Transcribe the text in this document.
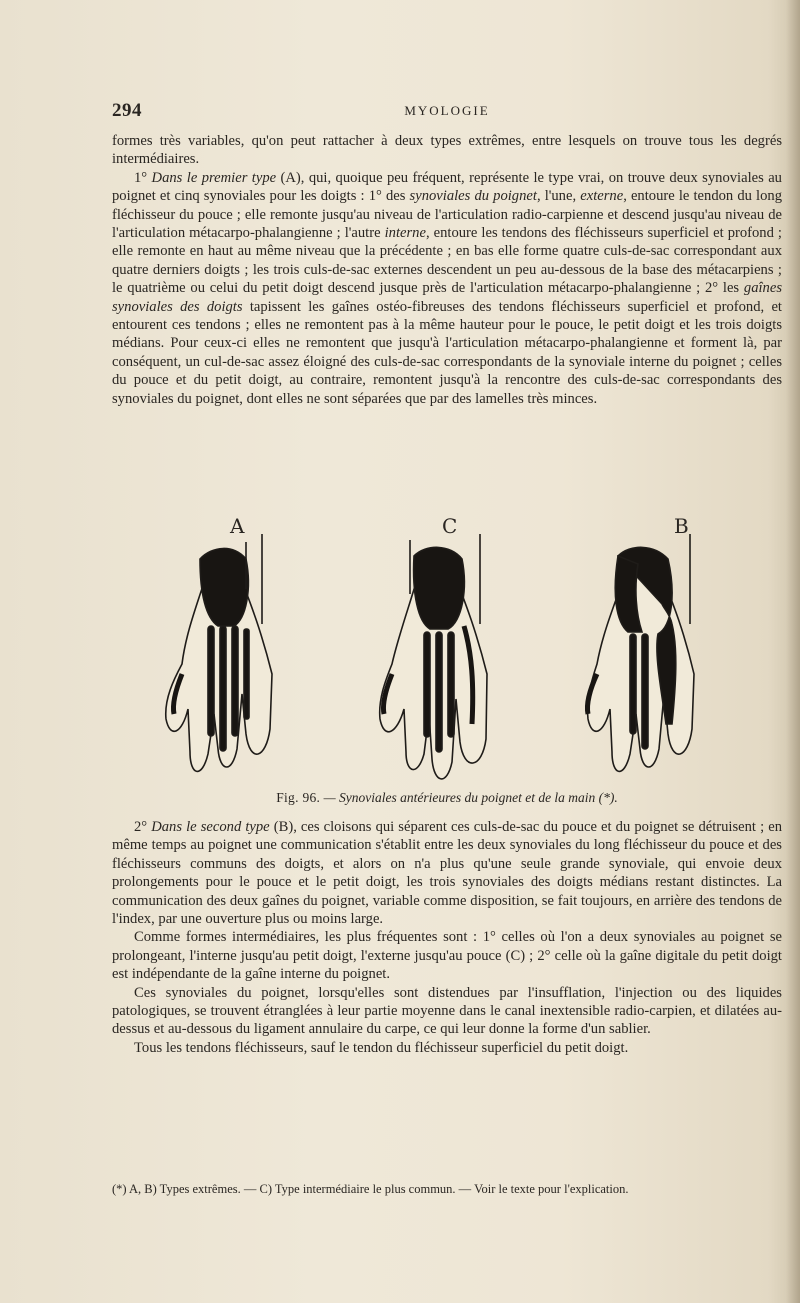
294	MYOLOGIE

formes très variables, qu'on peut rattacher à deux types extrêmes, entre lesquels on trouve tous les degrés intermédiaires.

1° Dans le premier type (A), qui, quoique peu fréquent, représente le type vrai, on trouve deux synoviales au poignet et cinq synoviales pour les doigts : 1° des synoviales du poignet, l'une, externe, entoure le tendon du long fléchisseur du pouce ; elle remonte jusqu'au niveau de l'articulation radio-carpienne et descend jusqu'au niveau de l'articulation métacarpo-phalangienne ; l'autre interne, entoure les tendons des fléchisseurs superficiel et profond ; elle remonte en haut au même niveau que la précédente ; en bas elle forme quatre culs-de-sac correspondant aux quatre derniers doigts ; les trois culs-de-sac externes descendent un peu au-dessous de la base des métacarpiens ; le quatrième ou celui du petit doigt descend jusque près de l'articulation métacarpo-phalangienne ; 2° les gaînes synoviales des doigts tapissent les gaînes ostéo-fibreuses des tendons fléchisseurs superficiel et profond, et entourent ces tendons ; elles ne remontent pas à la même hauteur pour le pouce, le petit doigt et les trois doigts médians. Pour ceux-ci elles ne remontent que jusqu'à l'articulation métacarpo-phalangienne et forment là, par conséquent, un cul-de-sac assez éloigné des culs-de-sac correspondants de la synoviale interne du poignet ; celles du pouce et du petit doigt, au contraire, remontent jusqu'à la rencontre des culs-de-sac correspondants des synoviales du poignet, dont elles ne sont séparées que par des lamelles très minces.

A	C	B
Fig. 96. — Synoviales antérieures du poignet et de la main (*).

2° Dans le second type (B), ces cloisons qui séparent ces culs-de-sac du pouce et du poignet se détruisent ; en même temps au poignet une communication s'établit entre les deux synoviales du long fléchisseur du pouce et des fléchisseurs communs des doigts, et alors on n'a plus qu'une seule grande synoviale, qui envoie deux prolongements pour le pouce et le petit doigt, les trois synoviales des doigts médians restant distinctes. La communication des deux gaînes du poignet, variable comme disposition, se fait toujours, en arrière des tendons de l'index, par une ouverture plus ou moins large.

Comme formes intermédiaires, les plus fréquentes sont : 1° celles où l'on a deux synoviales au poignet se prolongeant, l'interne jusqu'au petit doigt, l'externe jusqu'au pouce (C) ; 2° celle où la gaîne digitale du petit doigt est indépendante de la gaîne interne du poignet.

Ces synoviales du poignet, lorsqu'elles sont distendues par l'insufflation, l'injection ou des liquides patologiques, se trouvent étranglées à leur partie moyenne dans le canal inextensible radio-carpien, et dilatées au-dessus et au-dessous du ligament annulaire du carpe, ce qui leur donne la forme d'un sablier.

Tous les tendons fléchisseurs, sauf le tendon du fléchisseur superficiel du petit doigt.

(*) A, B) Types extrêmes. — C) Type intermédiaire le plus commun. — Voir le texte pour l'explication.
